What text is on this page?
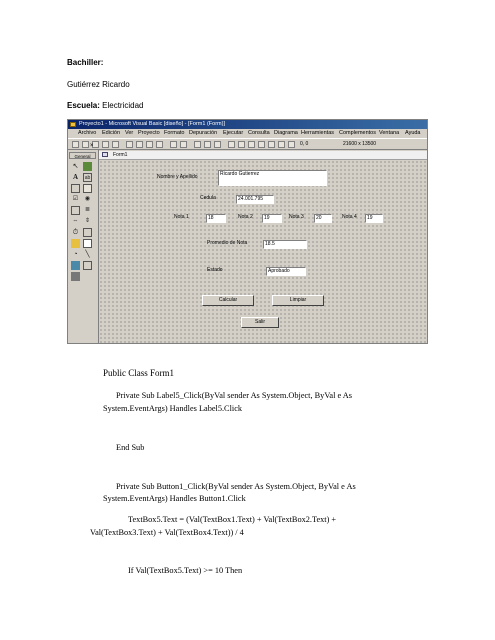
Bachiller:
Gutiérrez Ricardo
Escuela: Electricidad
Proyecto1 - Microsoft Visual Basic [diseño] - [Form1 (Form)]
Archivo Edición Ver Proyecto Formato Depuración Ejecutar Consulta Diagrama Herramientas Complementos Ventana Ayuda
0, 0	21600 x 13500
×
General
↖
A	ab
☑	◉
≣
⇔	⇕
⏱
◔	╲
Form1
Nombre y Apellido	Ricardo Gutierrez
Cedula	24.001.795
Nota 1	18	Nota 2	19	Nota 3	20	Nota 4	19
Promedio de Nota	18.5
Estado	Aprobado
Calcular	Limpiar
Salir
Public Class Form1
Private Sub Label5_Click(ByVal sender As System.Object, ByVal e As
System.EventArgs) Handles Label5.Click
End Sub
Private Sub Button1_Click(ByVal sender As System.Object, ByVal e As
System.EventArgs) Handles Button1.Click
TextBox5.Text = (Val(TextBox1.Text) + Val(TextBox2.Text) +
Val(TextBox3.Text) + Val(TextBox4.Text)) / 4
If Val(TextBox5.Text) >= 10 Then
